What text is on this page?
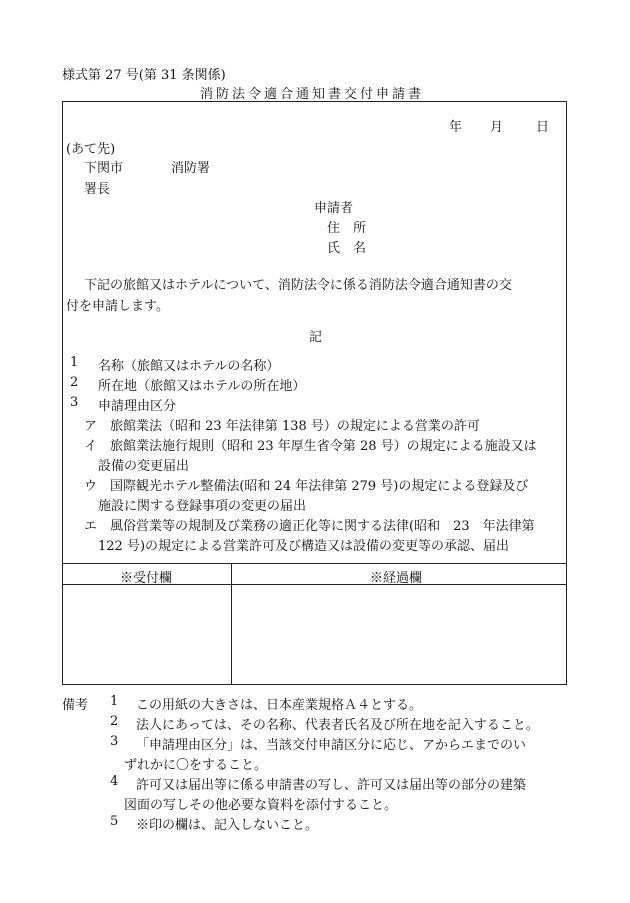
様式第 27 号(第 31 条関係)
消防法令適合通知書交付申請書
年 月	日
(あて先)
下関市	消防署
署長
申請者
住　所
氏　名
下記の旅館又はホテルについて、消防法令に係る消防法令適合通知書の交
付を申請します。
記
1 名称（旅館又はホテルの名称）
2 所在地（旅館又はホテルの所在地）
3 申請理由区分
ア 旅館業法（昭和 23 年法律第 138 号）の規定による営業の許可
イ 旅館業法施行規則（昭和 23 年厚生省令第 28 号）の規定による施設又は
設備の変更届出
ウ 国際観光ホテル整備法(昭和 24 年法律第 279 号)の規定による登録及び
施設に関する登録事項の変更の届出
エ 風俗営業等の規制及び業務の適正化等に関する法律(昭和　23　年法律第
122 号)の規定による営業許可及び構造又は設備の変更等の承認、届出
※受付欄	※経過欄
備考 1 この用紙の大きさは、日本産業規格Ａ４とする。
2 法人にあっては、その名称、代表者氏名及び所在地を記入すること。
3 「申請理由区分」は、当該交付申請区分に応じ、アからエまでのい
ずれかに〇をすること。
4 許可又は届出等に係る申請書の写し、許可又は届出等の部分の建築
図面の写しその他必要な資料を添付すること。
5 ※印の欄は、記入しないこと。
